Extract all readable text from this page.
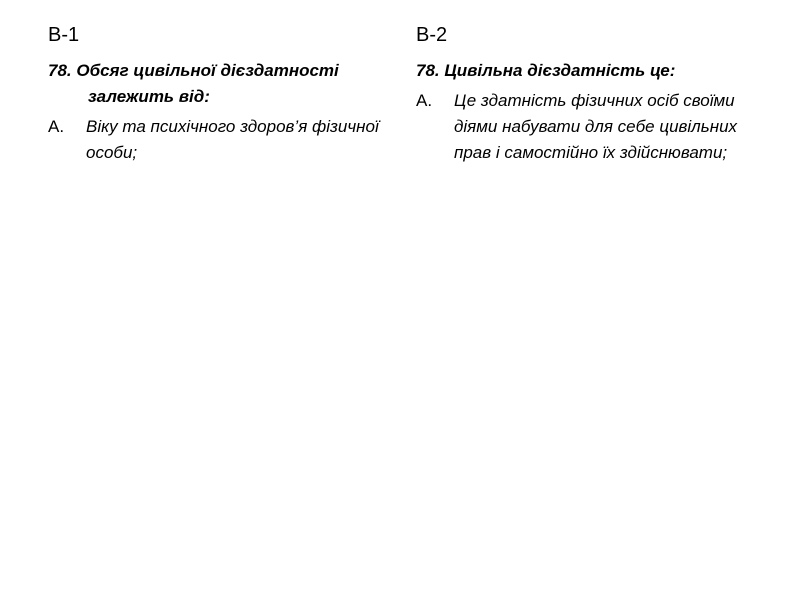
B-1
78. Обсяг цивільної дієздатності залежить від:
A.	Віку та психічного здоров’я фізичної особи;
B-2
78. Цивільна дієздатність це:
A.	Це здатність фізичних осіб своїми діями набувати для себе цивільних прав і самостійно їх здійснювати;
